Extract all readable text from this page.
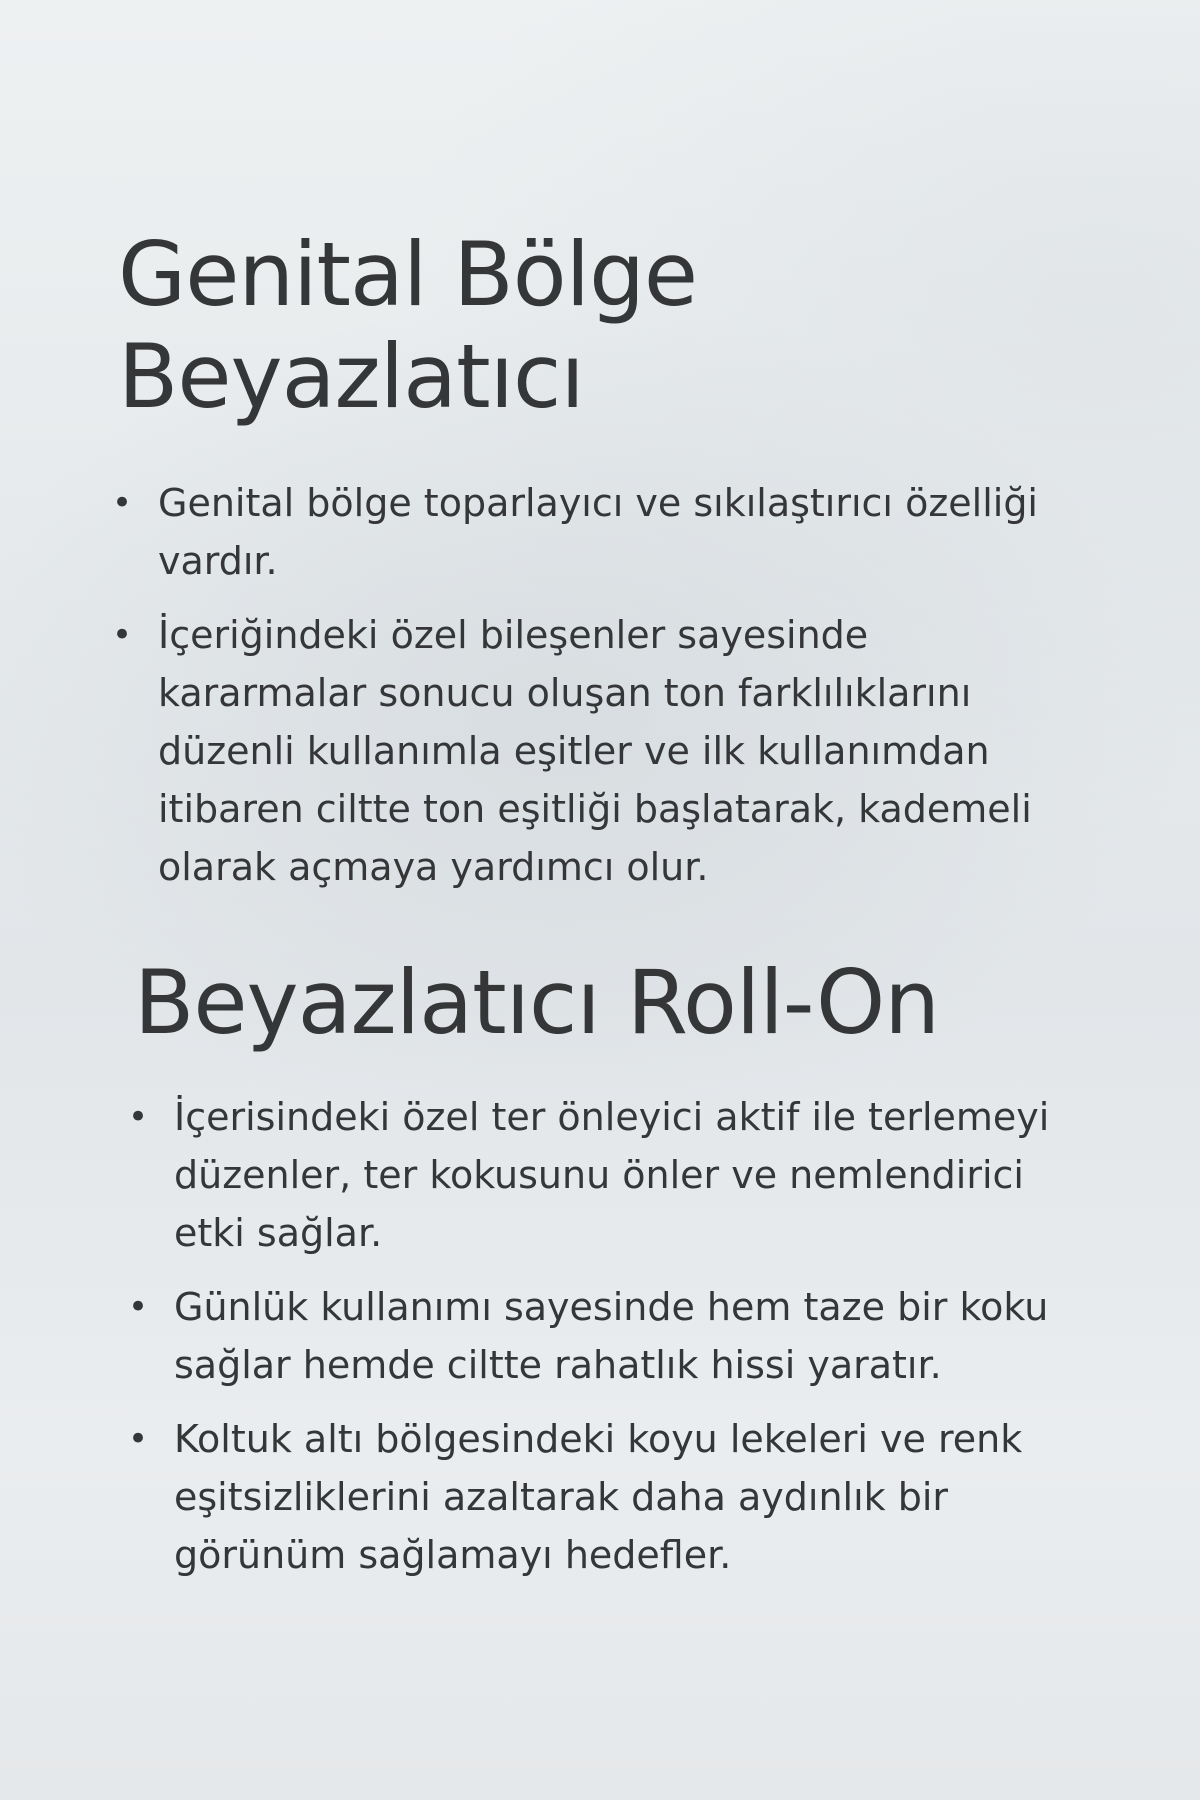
Genital Bölge
Beyazlatıcı
• Genital bölge toparlayıcı ve sıkılaştırıcı özelliği vardır.
• İçeriğindeki özel bileşenler sayesinde kararmalar sonucu oluşan ton farklılıklarını düzenli kullanımla eşitler ve ilk kullanımdan itibaren ciltte ton eşitliği başlatarak, kademeli olarak açmaya yardımcı olur.
Beyazlatıcı Roll-On
• İçerisindeki özel ter önleyici aktif ile terlemeyi düzenler, ter kokusunu önler ve nemlendirici etki sağlar.
• Günlük kullanımı sayesinde hem taze bir koku sağlar hemde ciltte rahatlık hissi yaratır.
• Koltuk altı bölgesindeki koyu lekeleri ve renk eşitsizliklerini azaltarak daha aydınlık bir görünüm sağlamayı hedefler.
